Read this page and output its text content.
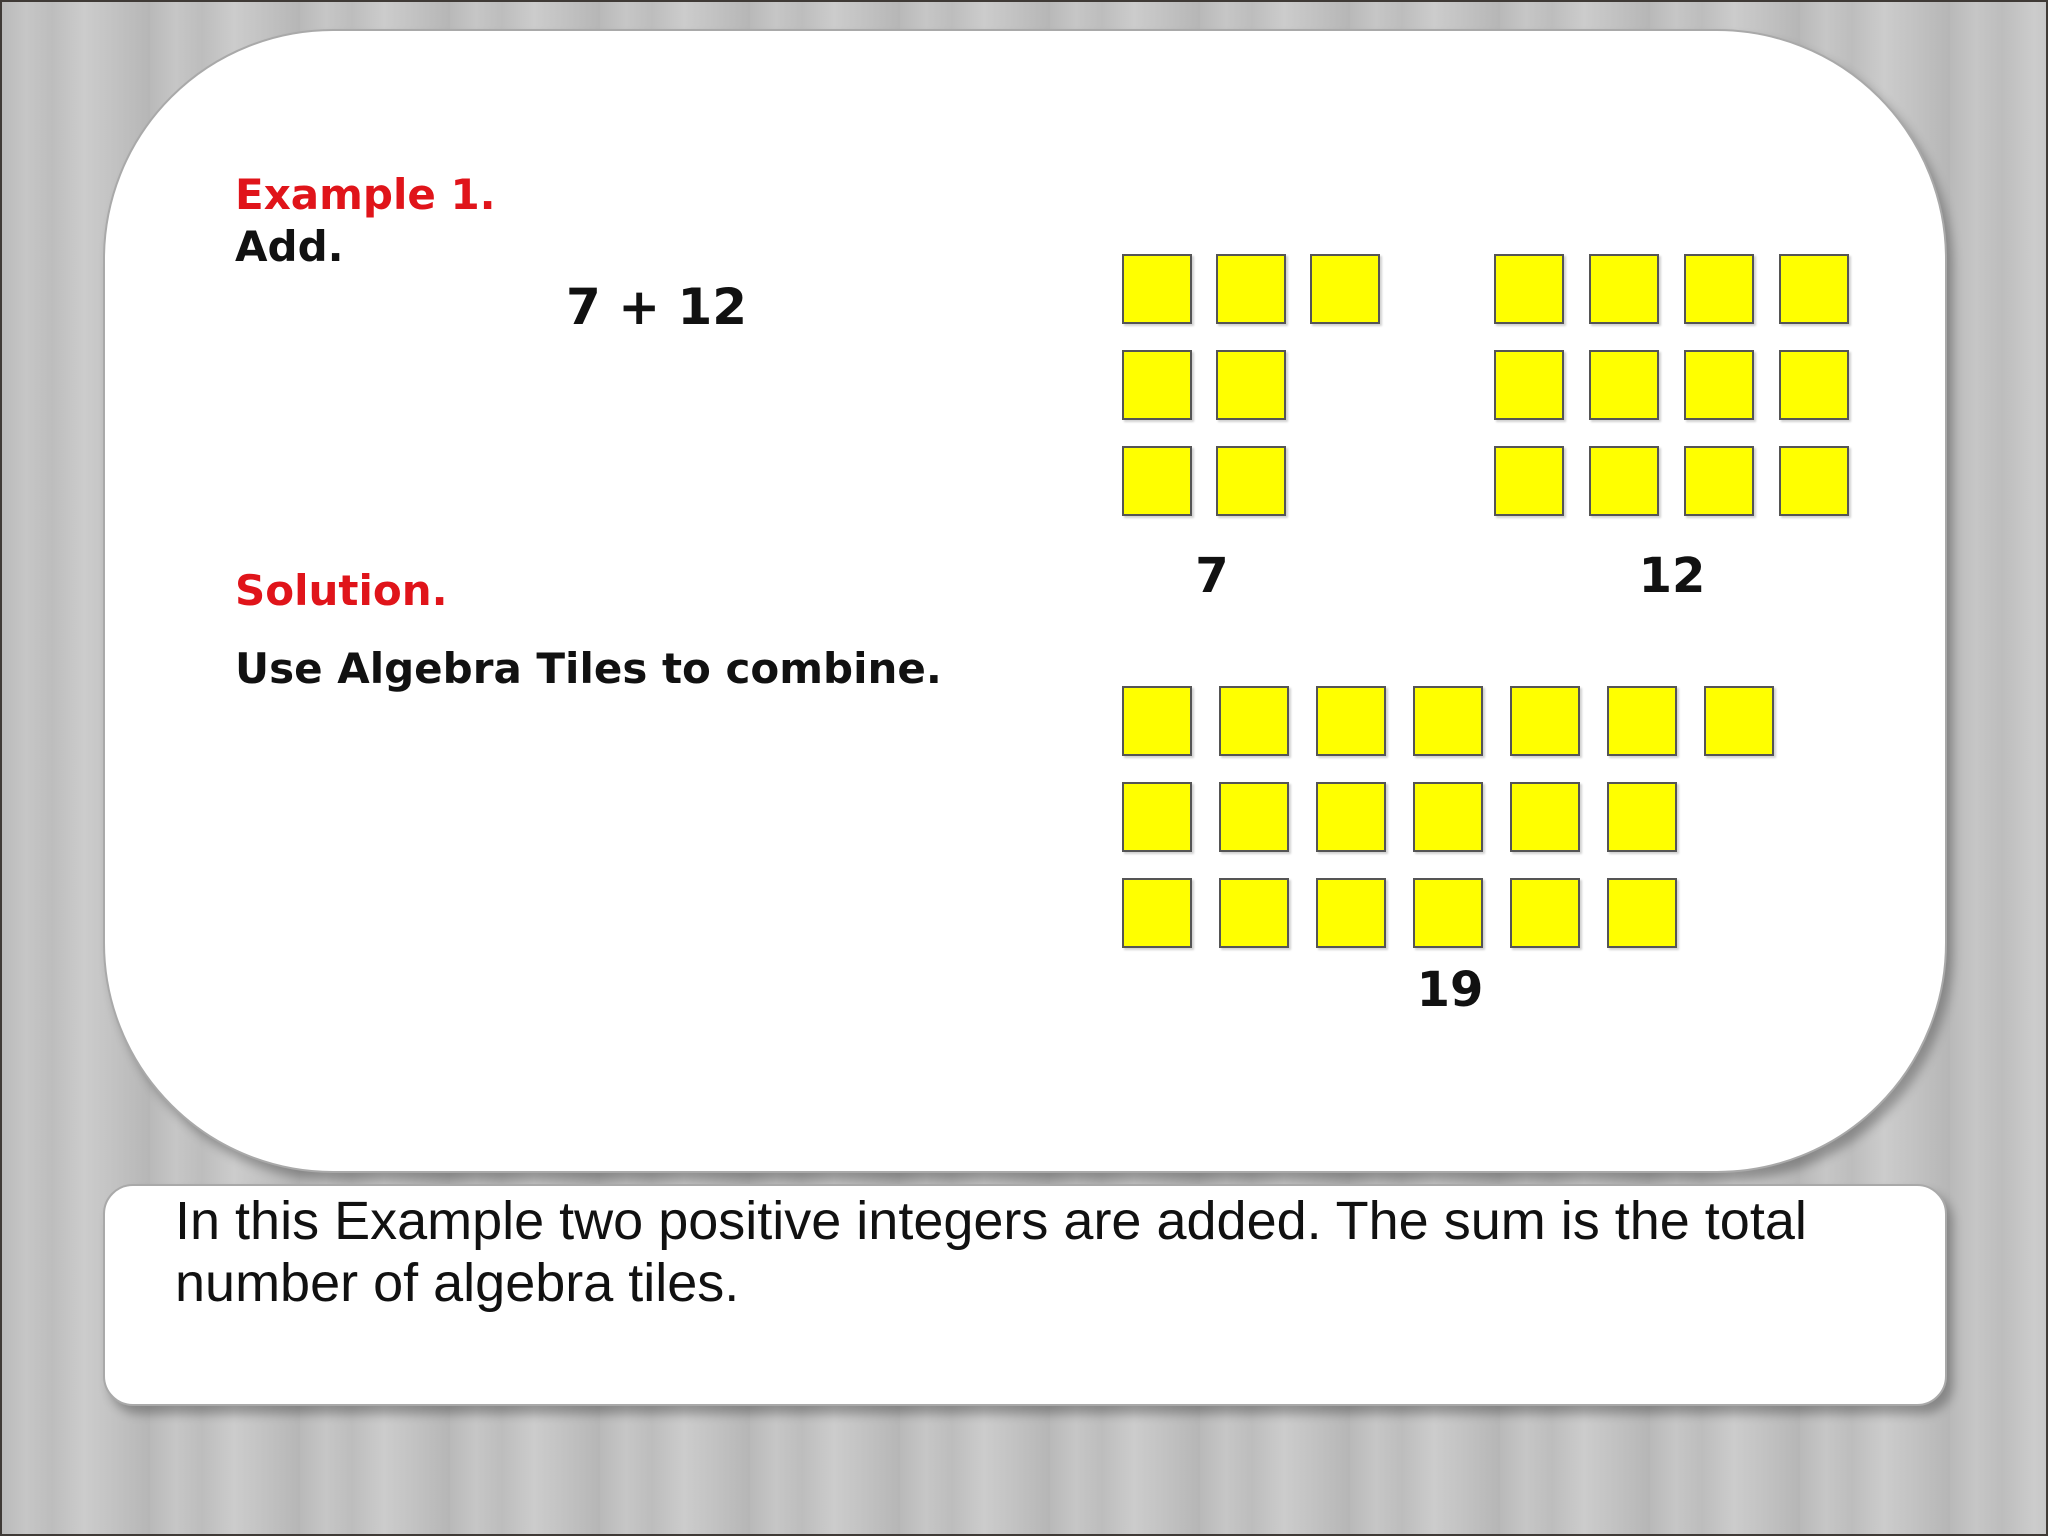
Example 1.
Add.
7 + 12
Solution.
Use Algebra Tiles to combine.
7	12
19
In this Example two positive integers are added. The sum is the total number of algebra tiles.
